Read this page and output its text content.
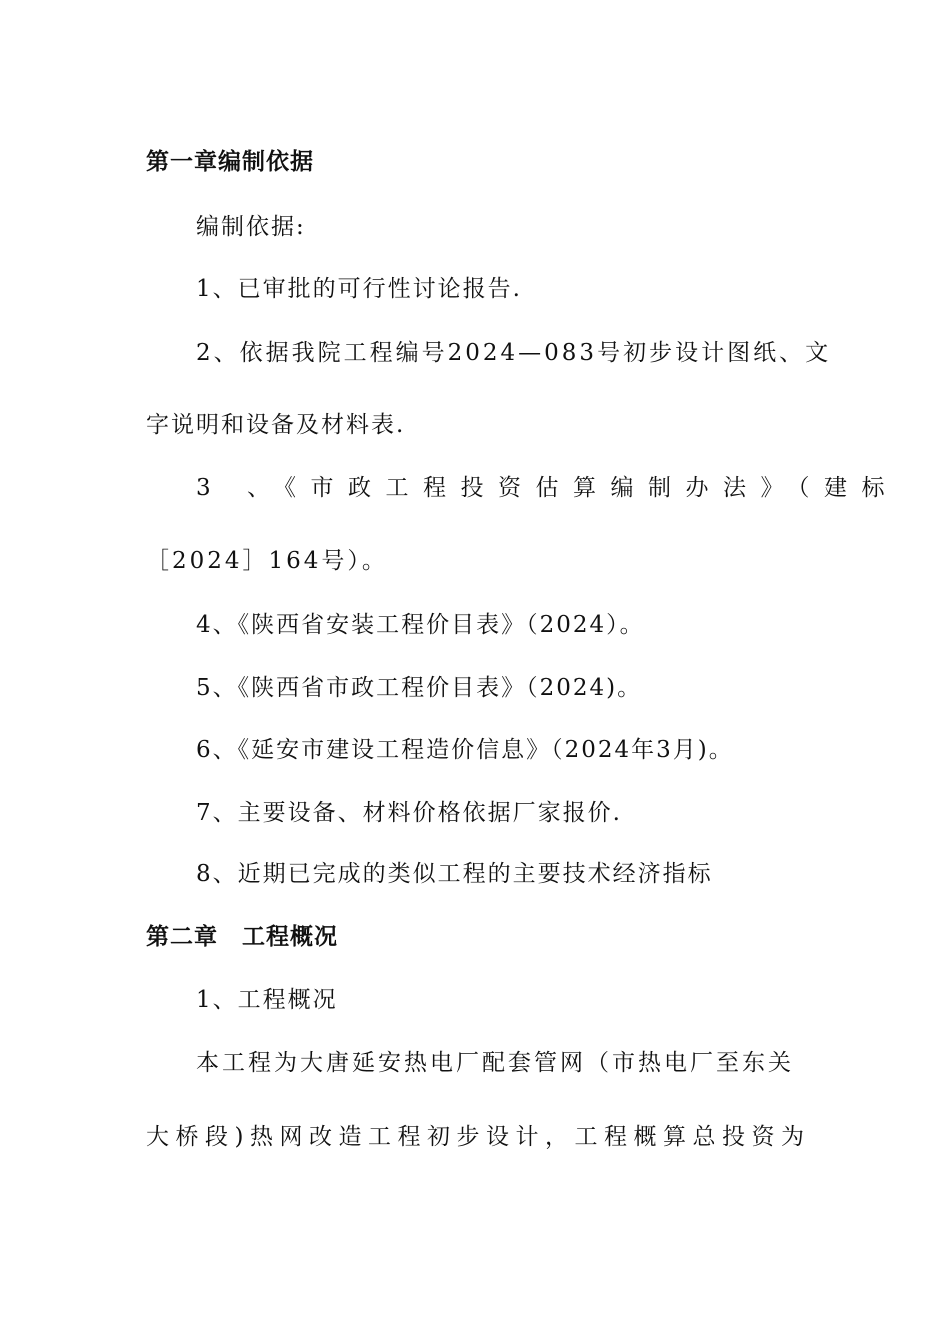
第一章编制依据
编制依据:
1、已审批的可行性讨论报告.
2、依据我院工程编号2024—083号初步设计图纸、文
字说明和设备及材料表.
3 、《市政工程投资估算编制办法》（建标
［2024］164号）。
4、《陕西省安装工程价目表》（2024）。
5、《陕西省市政工程价目表》（2024)。
6、《延安市建设工程造价信息》（2024年3月)。
7、主要设备、材料价格依据厂家报价.
8、近期已完成的类似工程的主要技术经济指标
第二章　工程概况
1、工程概况
本工程为大唐延安热电厂配套管网（市热电厂至东关
大桥段)热网改造工程初步设计，工程概算总投资为
